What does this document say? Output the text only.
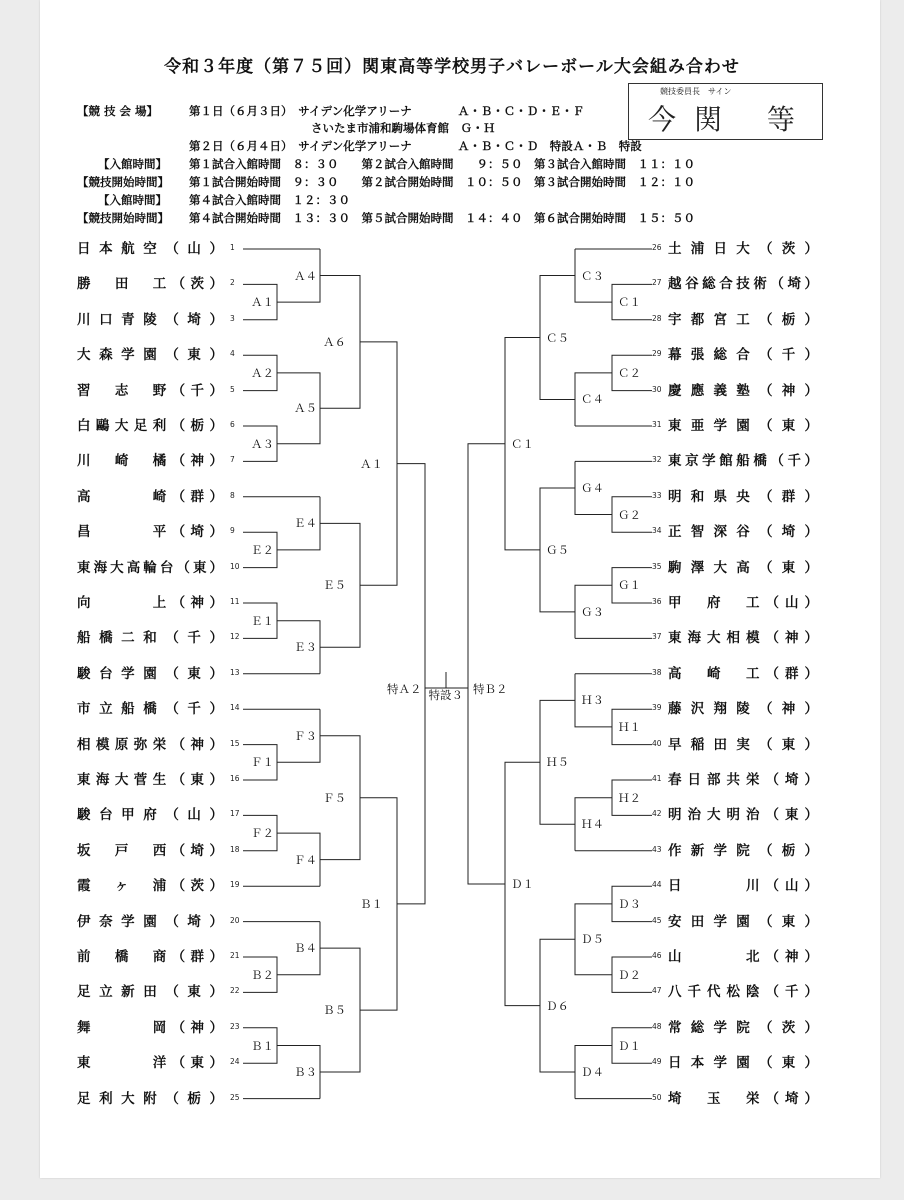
令和３年度（第７５回）関東高等学校男子バレーボール大会組み合わせ
【競 技 会 場】	第１日（６月３日）　サイデン化学アリーナ　　　　Ａ・Ｂ・Ｃ・Ｄ・Ｅ・Ｆ
さいたま市浦和駒場体育館　Ｇ・Ｈ
第２日（６月４日）　サイデン化学アリーナ　　　　Ａ・Ｂ・Ｃ・Ｄ　特設Ａ・Ｂ　特設
【入館時間】 第１試合入館時間　８：３０　　第２試合入館時間　　９：５０　第３試合入館時間　１１：１０
【競技開始時間】 第１試合開始時間　９：３０　　第２試合開始時間　１０：５０　第３試合開始時間　１２：１０
【入館時間】 第４試合入館時間　１２：３０
【競技開始時間】 第４試合開始時間　１３：３０　第５試合開始時間　１４：４０　第６試合開始時間　１５：５０
競技委員長　サイン
今関 等
日 本 航 空 （ 山 ） 1
勝
　 田
　 工 （ 茨 ） 2
川 口 青 陵 （ 埼 ） 3
大 森 学 園 （ 東 ） 4
習
　 志
　 野 （ 千 ） 5
白 鷗 大 足 利 （ 栃 ） 6
川
　 崎
　 橘 （ 神 ） 7
高

　	崎 （ 群 ） 8
昌

　	平 （ 埼 ） 9
東 海 大 高 輪 台 （ 東 ） 10
向

　	上 （ 神 ） 11
船 橋 二 和 （ 千 ） 12
駿 台 学 園 （ 東 ） 13
市 立 船 橋 （ 千 ） 14
相 模 原 弥 栄 （ 神 ） 15
東 海 大 菅 生 （ 東 ） 16
駿 台 甲 府 （ 山 ） 17
坂
　 戸
　 西 （ 埼 ） 18
霞
　 ヶ
　 浦 （ 茨 ） 19
伊 奈 学 園 （ 埼 ） 20
前
　 橋
　 商 （ 群 ） 21
足 立 新 田 （ 東 ） 22
舞

　	岡 （ 神 ） 23
東

　	洋 （ 東 ） 24
足 利 大 附 （ 栃 ） 25
土 浦 日 大 （ 茨 ）
26
越 谷 総 合 技 術 （ 埼 ）
27
宇 都 宮 工 （ 栃 ）
28
幕 張 総 合 （ 千 ）
29
慶 應 義 塾 （ 神 ）
30
東 亜 学 園 （ 東 ）
31
東 京 学 館 船 橋 （ 千 ）
32
明 和 県 央 （ 群 ）
33
正 智 深 谷 （ 埼 ）
34
駒 澤 大 高 （ 東 ）
35
甲
　 府
　 工 （ 山 ）
36
東 海 大 相 模 （ 神 ）
37
高
　 崎
　 工 （ 群 ）
38
藤 沢 翔 陵 （ 神 ）
39
早 稲 田 実 （ 東 ）
40
春 日 部 共 栄 （ 埼 ）
41
明 治 大 明 治 （ 東 ）
42
作 新 学 院 （ 栃 ）
43
日

　	川 （ 山 ）
44
安 田 学 園 （ 東 ）
45
山

　	北 （ 神 ）
46
八 千 代 松 陰 （ 千 ）
47
常 総 学 院 （ 茨 ）
48
日 本 学 園 （ 東 ）
49
埼
　 玉
　 栄 （ 埼 ）
50
Ａ１
Ａ４
Ａ２
Ａ３
Ａ５
Ａ６
Ｅ２
Ｅ４
Ｅ１
Ｅ３
Ｅ５
Ａ１
Ｆ１
Ｆ３
Ｆ２
Ｆ４
Ｆ５
Ｂ２
Ｂ４
Ｂ１
Ｂ３
Ｂ５
Ｂ１
特Ａ２
Ｃ１
Ｃ３
Ｃ２
Ｃ４
Ｃ５
Ｇ２
Ｇ４
Ｇ１
Ｇ３
Ｇ５
Ｃ１
Ｈ１
Ｈ３
Ｈ２
Ｈ４
Ｈ５
Ｄ３
Ｄ２
Ｄ５
Ｄ１
Ｄ４
Ｄ６
Ｄ１
特Ｂ２
特設３
